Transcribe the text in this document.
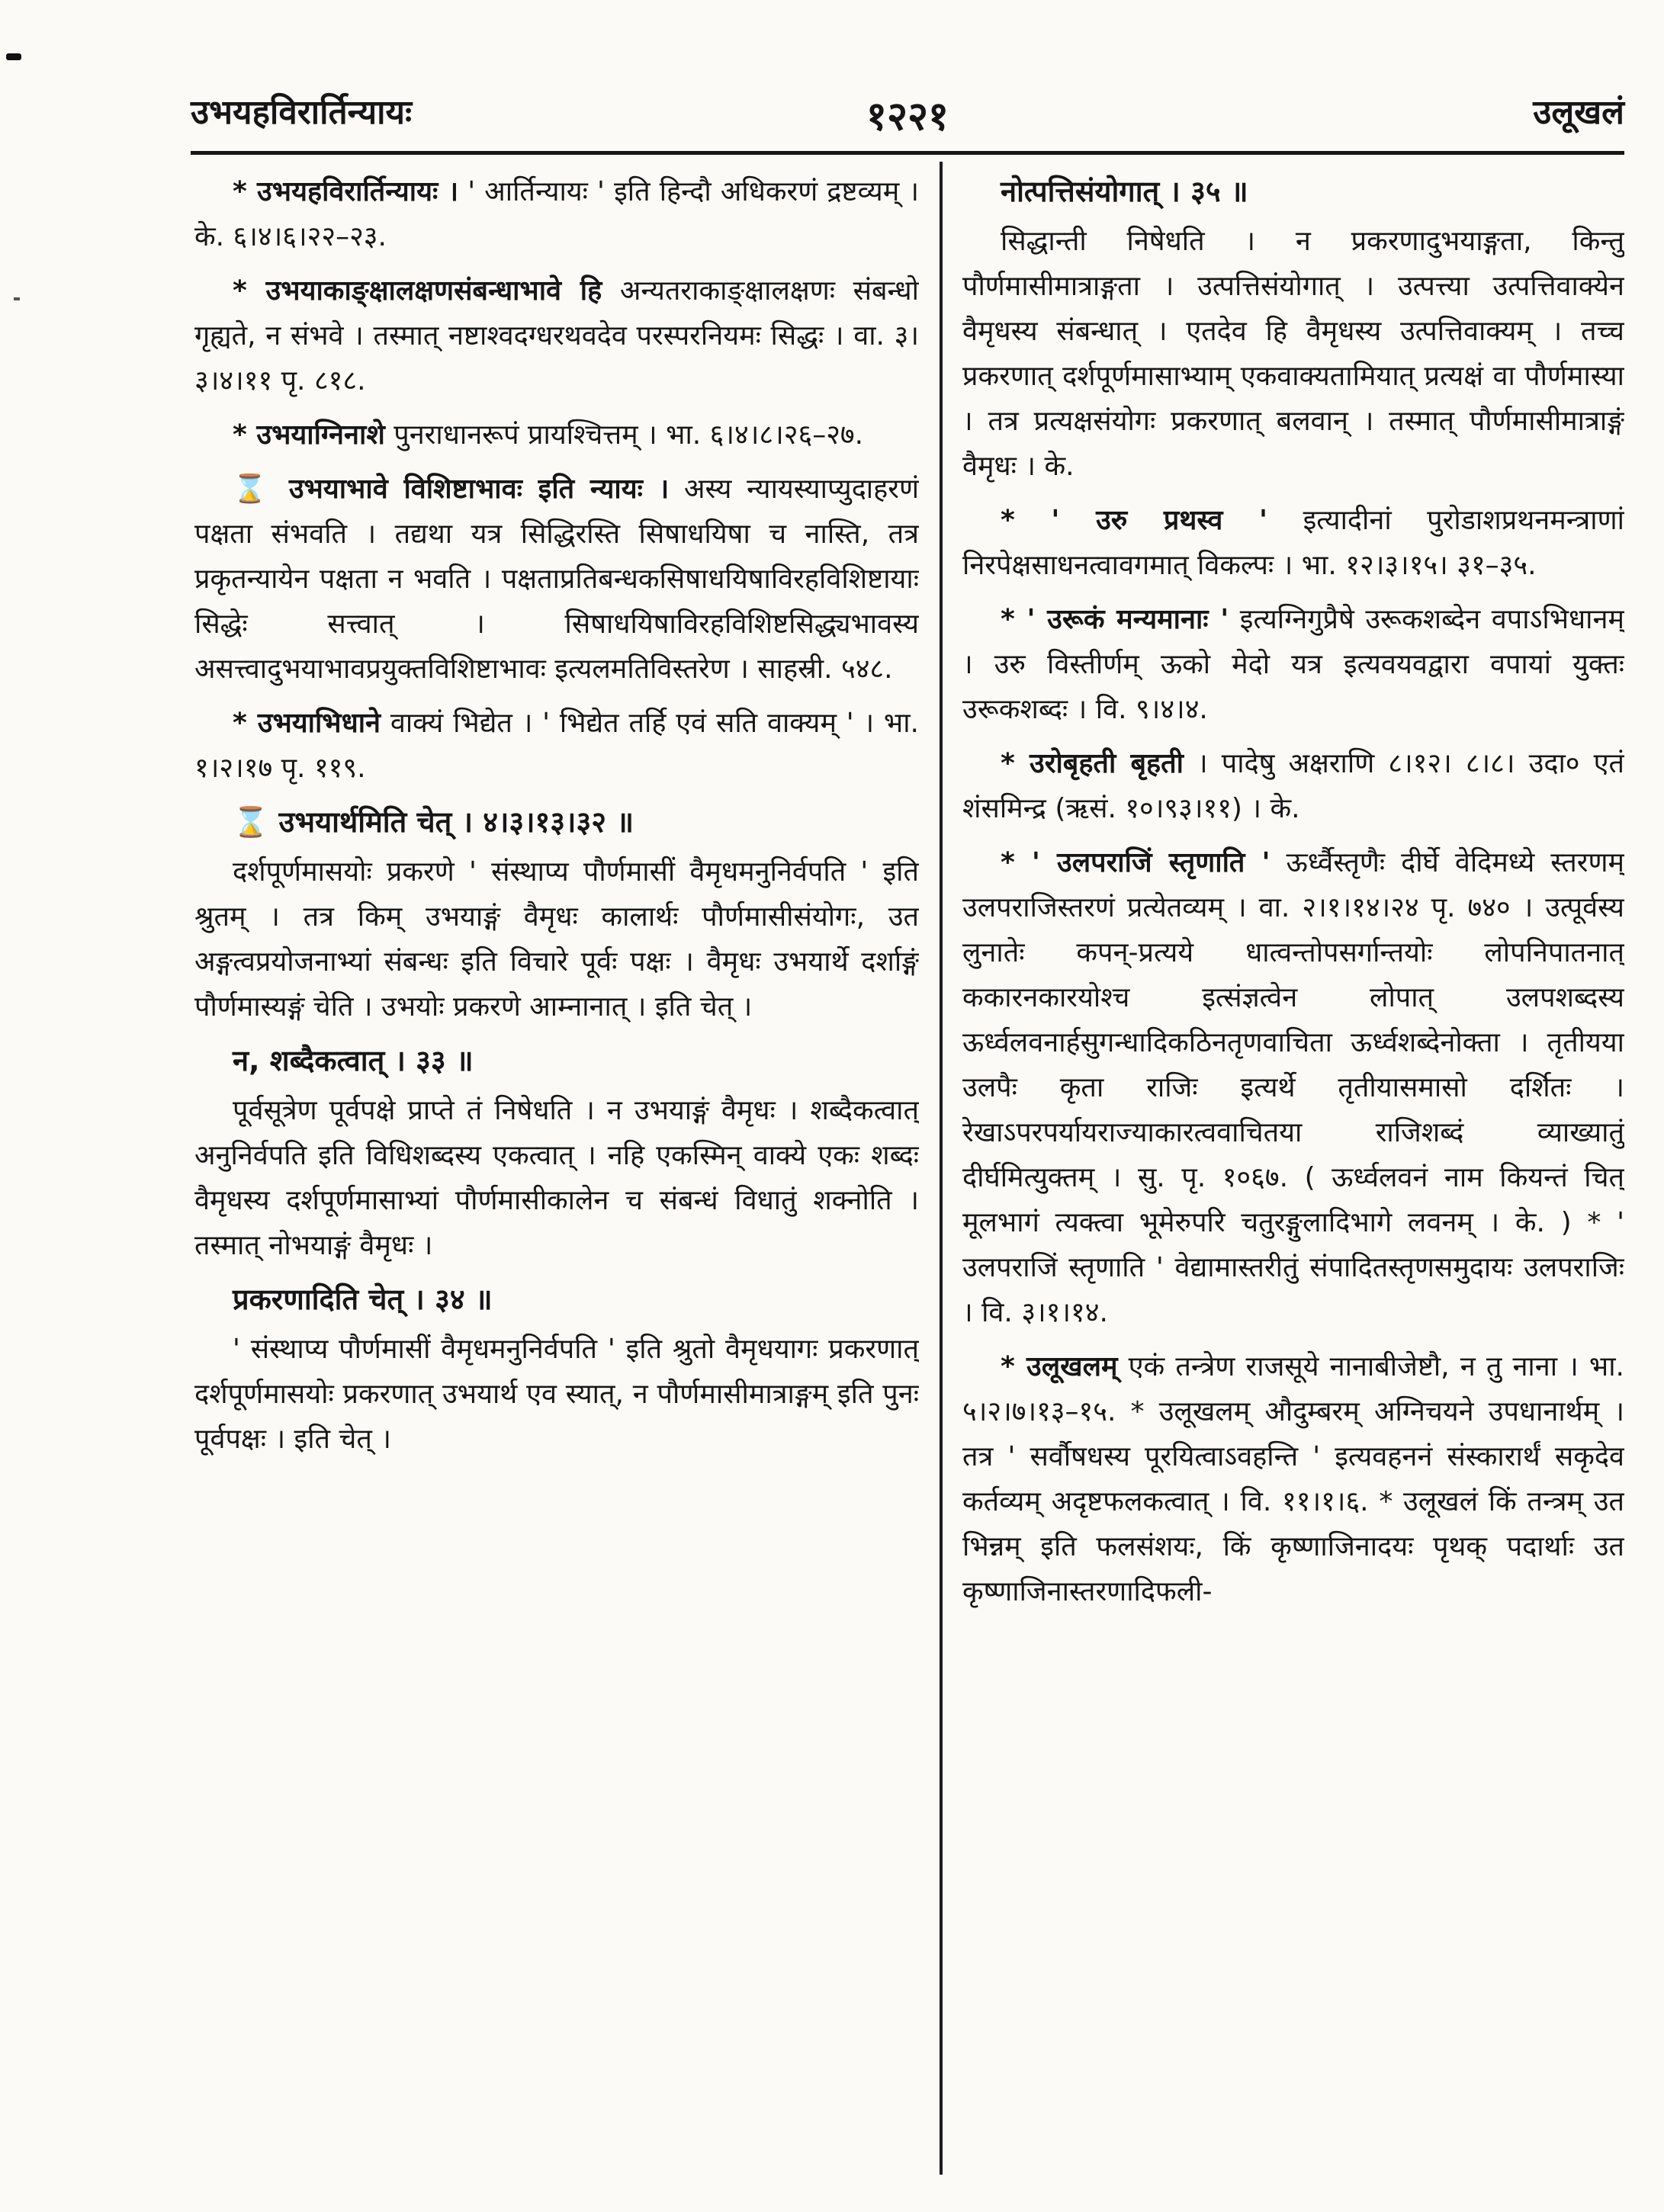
१२२१
उभयहविरार्तिन्यायः	उलूखलं

* उभयहविरार्तिन्यायः । ' आर्तिन्यायः ' इति हिन्दौ अधिकरणं द्रष्टव्यम् । के. ६।४।६।२२–२३.

* उभयाकाङ्क्षालक्षणसंबन्धाभावे हि अन्यतराकाङ्क्षालक्षणः संबन्धो गृह्यते, न संभवे । तस्मात् नष्टाश्वदग्धरथवदेव परस्परनियमः सिद्धः । वा. ३।३।४।११ पृ. ८१८.

* उभयाग्निनाशे पुनराधानरूपं प्रायश्चित्तम् । भा. ६।४।८।२६–२७.

⌛ उभयाभावे विशिष्टाभावः इति न्यायः । अस्य न्यायस्याप्युदाहरणं पक्षता संभवति । तद्यथा यत्र सिद्धिरस्ति सिषाधयिषा च नास्ति, तत्र प्रकृतन्यायेन पक्षता न भवति । पक्षताप्रतिबन्धकसिषाधयिषाविरहविशिष्टायाः सिद्धेः सत्त्वात् । सिषाधयिषाविरहविशिष्टसिद्ध्यभावस्य असत्त्वादुभयाभावप्रयुक्तविशिष्टाभावः इत्यलमतिविस्तरेण । साहस्री. ५४८.

* उभयाभिधाने वाक्यं भिद्येत । ' भिद्येत तर्हि एवं सति वाक्यम् ' । भा. १।२।१७ पृ. ११९.

⌛ उभयार्थमिति चेत् । ४।३।१३।३२ ॥

दर्शपूर्णमासयोः प्रकरणे ' संस्थाप्य पौर्णमासीं वैमृधमनुनिर्वपति ' इति श्रुतम् । तत्र किम् उभयाङ्गं वैमृधः कालार्थः पौर्णमासीसंयोगः, उत अङ्गत्वप्रयोजनाभ्यां संबन्धः इति विचारे पूर्वः पक्षः । वैमृधः उभयार्थे दर्शाङ्गं पौर्णमास्यङ्गं चेति । उभयोः प्रकरणे आम्नानात् । इति चेत् ।

न, शब्दैकत्वात् । ३३ ॥

पूर्वसूत्रेण पूर्वपक्षे प्राप्ते तं निषेधति । न उभयाङ्गं वैमृधः । शब्दैकत्वात् अनुनिर्वपति इति विधिशब्दस्य एकत्वात् । नहि एकस्मिन् वाक्ये एकः शब्दः वैमृधस्य दर्शपूर्णमासाभ्यां पौर्णमासीकालेन च संबन्धं विधातुं शक्नोति । तस्मात् नोभयाङ्गं वैमृधः ।

प्रकरणादिति चेत् । ३४ ॥

' संस्थाप्य पौर्णमासीं वैमृधमनुनिर्वपति ' इति श्रुतो वैमृधयागः प्रकरणात् दर्शपूर्णमासयोः प्रकरणात् उभयार्थ एव स्यात्, न पौर्णमासीमात्राङ्गम् इति पुनः पूर्वपक्षः । इति चेत् ।

नोत्पत्तिसंयोगात् । ३५ ॥

सिद्धान्ती निषेधति । न प्रकरणादुभयाङ्गता, किन्तु पौर्णमासीमात्राङ्गता । उत्पत्तिसंयोगात् । उत्पत्त्या उत्पत्तिवाक्येन वैमृधस्य संबन्धात् । एतदेव हि वैमृधस्य उत्पत्तिवाक्यम् । तच्च प्रकरणात् दर्शपूर्णमासाभ्याम् एकवाक्यतामियात् प्रत्यक्षं वा पौर्णमास्या । तत्र प्रत्यक्षसंयोगः प्रकरणात् बलवान् । तस्मात् पौर्णमासीमात्राङ्गं वैमृधः । के.

* ' उरु प्रथस्व ' इत्यादीनां पुरोडाशप्रथनमन्त्राणां निरपेक्षसाधनत्वावगमात् विकल्पः । भा. १२।३।१५। ३१–३५.

* ' उरूकं मन्यमानाः ' इत्यग्निगुप्रैषे उरूकशब्देन वपाऽभिधानम् । उरु विस्तीर्णम् ऊको मेदो यत्र इत्यवयवद्वारा वपायां युक्तः उरूकशब्दः । वि. ९।४।४.

* उरोबृहती बृहती । पादेषु अक्षराणि ८।१२। ८।८। उदा० एतं शंसमिन्द्र (ऋसं. १०।९३।११) । के.

* ' उलपराजिं स्तृणाति ' ऊर्ध्वैस्तृणैः दीर्घे वेदिमध्ये स्तरणम् उलपराजिस्तरणं प्रत्येतव्यम् । वा. २।१।१४।२४ पृ. ७४० । उत्पूर्वस्य लुनातेः कपन्-प्रत्यये धात्वन्तोपसर्गान्तयोः लोपनिपातनात् ककारनकारयोश्च इत्संज्ञत्वेन लोपात् उलपशब्दस्य ऊर्ध्वलवनार्हसुगन्धादिकठिनतृणवाचिता ऊर्ध्वशब्देनोक्ता । तृतीयया उलपैः कृता राजिः इत्यर्थे तृतीयासमासो दर्शितः । रेखाऽपरपर्यायराज्याकारत्ववाचितया राजिशब्दं व्याख्यातुं दीर्घमित्युक्तम् । सु. पृ. १०६७. ( ऊर्ध्वलवनं नाम कियन्तं चित् मूलभागं त्यक्त्वा भूमेरुपरि चतुरङ्गुलादिभागे लवनम् । के. ) * ' उलपराजिं स्तृणाति ' वेद्यामास्तरीतुं संपादितस्तृणसमुदायः उलपराजिः । वि. ३।१।१४.

* उलूखलम् एकं तन्त्रेण राजसूये नानाबीजेष्टौ, न तु नाना । भा. ५।२।७।१३–१५. * उलूखलम् औदुम्बरम् अग्निचयने उपधानार्थम् । तत्र ' सर्वौषधस्य पूरयित्वाऽवहन्ति ' इत्यवहननं संस्कारार्थं सकृदेव कर्तव्यम् अदृष्टफलकत्वात् । वि. ११।१।६. * उलूखलं किं तन्त्रम् उत भिन्नम् इति फलसंशयः, किं कृष्णाजिनादयः पृथक् पदार्थाः उत कृष्णाजिनास्तरणादिफली-
